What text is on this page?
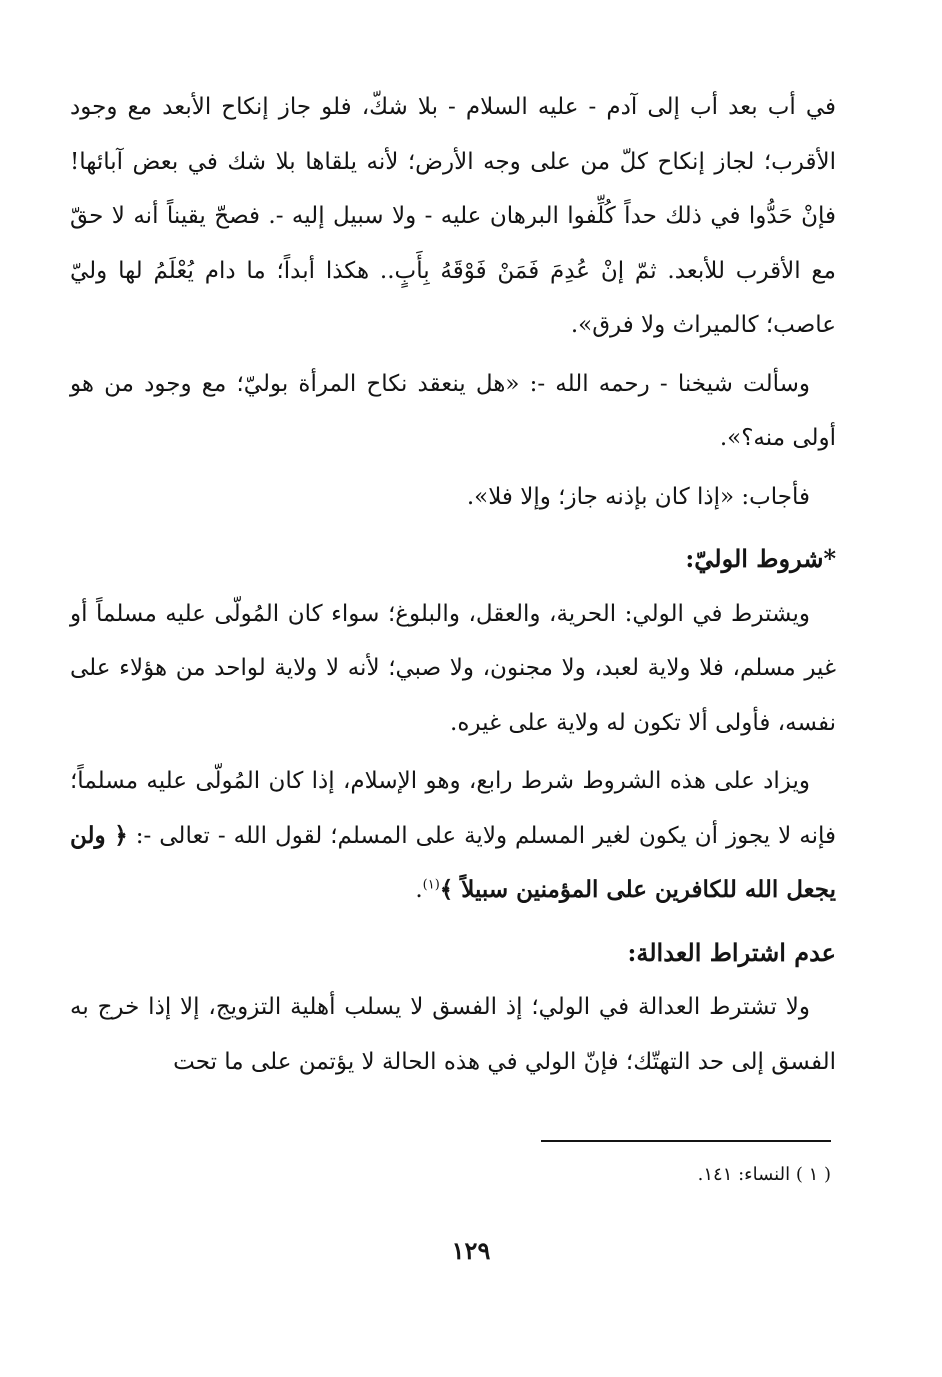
في أب بعد أب إلى آدم - عليه السلام - بلا شكّ، فلو جاز إنكاح الأبعد مع وجود الأقرب؛ لجاز إنكاح كلّ من على وجه الأرض؛ لأنه يلقاها بلا شك في بعض آبائها! فإنْ حَدُّوا في ذلك حداً كُلِّفوا البرهان عليه - ولا سبيل إليه -. فصحّ يقيناً أنه لا حقّ مع الأقرب للأبعد. ثمّ إنْ عُدِمَ فَمَنْ فَوْقَهُ بِأَبٍ.. هكذا أبداً؛ ما دام يُعْلَمُ لها وليّ عاصب؛ كالميراث ولا فرق».

وسألت شيخنا - رحمه الله -: «هل ينعقد نكاح المرأة بوليّ؛ مع وجود من هو أولى منه؟».

فأجاب: «إذا كان بإذنه جاز؛ وإلا فلا».

*شروط الوليّ:

ويشترط في الولي: الحرية، والعقل، والبلوغ؛ سواء كان المُولّى عليه مسلماً أو غير مسلم، فلا ولاية لعبد، ولا مجنون، ولا صبي؛ لأنه لا ولاية لواحد من هؤلاء على نفسه، فأولى ألا تكون له ولاية على غيره.

ويزاد على هذه الشروط شرط رابع، وهو الإسلام، إذا كان المُولّى عليه مسلماً؛ فإنه لا يجوز أن يكون لغير المسلم ولاية على المسلم؛ لقول الله - تعالى -: ﴿ ولن يجعل الله للكافرين على المؤمنين سبيلاً ﴾$^{(١)}$.

عدم اشتراط العدالة:

ولا تشترط العدالة في الولي؛ إذ الفسق لا يسلب أهلية التزويج، إلا إذا خرج به الفسق إلى حد التهتّك؛ فإنّ الولي في هذه الحالة لا يؤتمن على ما تحت

( ١ ) النساء: ١٤١.
١٢٩
